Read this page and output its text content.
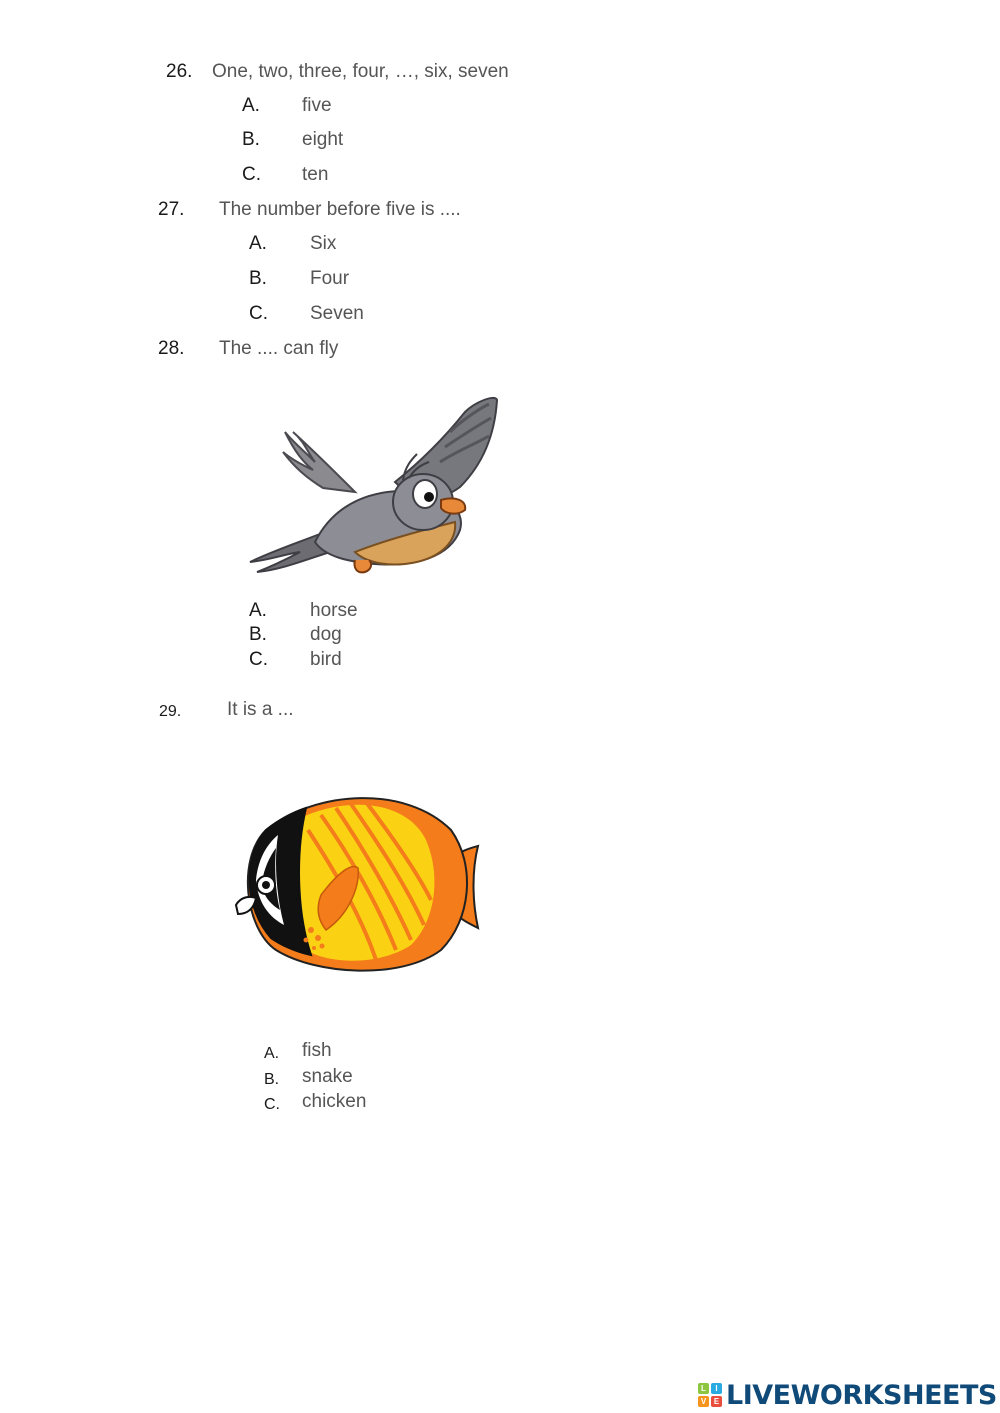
26. One, two, three, four, …, six, seven
A. five
B. eight
C. ten
27. The number before five is ....
A. Six
B. Four
C. Seven
28. The .... can fly
A. horse
B. dog
C. bird
29. It is a ...
A. fish
B. snake
C. chicken
L	I
V E LIVEWORKSHEETS
